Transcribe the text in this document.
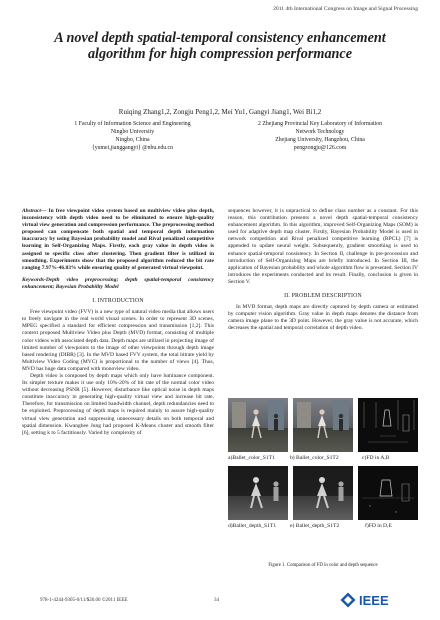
2011 4th International Congress on Image and Signal Processing
A novel depth spatial-temporal consistency enhancement algorithm for high compression performance
Ruiqing Zhang1,2, Zongju Peng1,2, Mei Yu1, Gangyi Jiang1, Wei Bi1,2
1 Faculty of Information Science and Engineering
Ningbo University
Ningbo, China
{yumei,jianggangyi} @nbu.edu.cn
2 Zhejiang Provincial Key Laboratory of Information
Network Technology
Zhejiang University, Hangzhou, China
pengzongju@126.com
Abstract— In free viewpoint video system based on multiview video plus depth, inconsistency with depth video need to be eliminated to ensure high-quality virtual view generation and compression performance. The preprocessing method proposed can compensate both spatial and temporal depth information inaccuracy by using Bayesian probability model and Rival penalized competitive learning in Self-Organizing Maps. Firstly, each gray value in depth video is assigned to specific class after clustering. Then gradient filter is utilized in smoothing. Experiments show that the proposed algorithm reduced the bit rate ranging 7.97%-46.83% while ensuring quality of generated virtual viewpoint.
Keywords-Depth video preprocessing; depth spatial-temporal consistency enhancement; Bayesian Probability Model
I. INTRODUCTION

Free viewpoint video (FVV) is a new type of natural video media that allows users to freely navigate in the real world visual scenes. In order to represent 3D scenes, MPEG specified a standard for efficient compression and transmission [1,2]. This context proposed Multiview Video plus Depth (MVD) format, consisting of multiple color videos with associated depth data. Depth maps are utilized in projecting image of limited number of viewpoints to the image of other viewpoints through depth image based rendering (DIBR) [3]. In the MVD based FVV system, the total bitrate yield by Multiview Video Coding (MVC) is proportional to the number of views [4]. Thus, MVD has huge data compared with monoview video.

Depth video is composed by depth maps which only have luminance component. Its simpler texture makes it use only 10%-20% of bit rate of the normal color video without decreasing PSNR [5]. However, disturbance like optical noise in depth maps constitute inaccuracy in generating high-quality virtual view and increase bit rate. Therefore, for transmission on limited bandwidth channel, depth redundancies need to be exploited. Preprocessing of depth maps is required mainly to assure high-quality virtual view generation and suppressing unnecessary details on both temporal and spatial dimension. Kwanghee Jung had proposed K-Means cluster and smooth filter [6], setting k to 5 factitiously. Varied by complexity of

sequences however, it is unpractical to define class number as a constant. For this reason, this contribution presents a novel depth spatial-temporal consistency enhancement algorithm. In this algorithm, improved Self-Organizing Maps (SOM) is used for adaptive depth map cluster. Firstly, Bayesian Probability Model is used in network competition and Rival penalized competitive learning (RPCL) [7] is appended to update neural weight. Subsequently, gradient smoothing is used to enhance spatial-temporal consistency. In Section II, challenge in pre-procession and introduction of Self-Organizing Maps are briefly introduced. In Section III, the application of Bayesian probability and whole algorithm flow is presented. Section IV introduces the experiments conducted and its result. Finally, conclusion is given in Section V.

II. PROBLEM DESCRIPTION

In MVD format, depth maps are directly captured by depth camera or estimated by computer vision algorithm. Gray value in depth maps denotes the distance from camera image plane to the 3D point. However, the gray value is not accurate, which decreases the spatial and temporal correlation of depth video.

a)Ballet_color_S1T1	b) Ballet_color_S1T2	c)FD in A,B
d)Ballet_depth_S1T1 e) Ballet_depth_S1T2	f)FD in D,E
Figure 1. Comparison of FD in color and depth sequence
978-1-4244-9305-0/11/$26.00 ©2011 IEEE	34	IEEE
